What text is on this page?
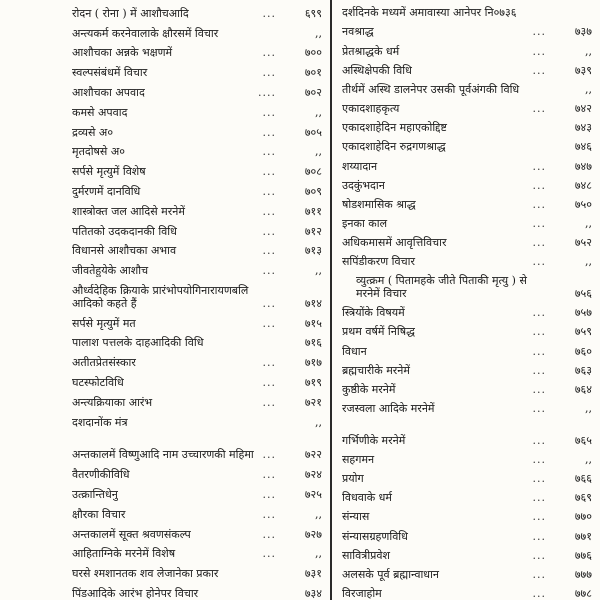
रोदन ( रोना ) में आशौचआदि	...	६९९
अन्त्यकर्म करनेवालाके क्षौरसमें विचार	,,
आशौचका अन्नके भक्षणमें	...	७००
स्वल्पसंबंधमें विचार	...	७०१
आशौचका अपवाद	....	७०२
कमसे अपवाद	...	,,
द्रव्यसे अ०	...	७०५
मृतदोषसे अ०	...	,,
सर्पसे मृत्युमें विशेष	...	७०८
दुर्मरणमें दानविधि	...	७०९
शास्त्रोक्त जल आदिसे मरनेमें	...	७११
पतितको उदकदानकी विधि	...	७१२
विधानसे आशौचका अभाव	...	७१३
जीवतेहुयेके आशौच	...	,,
और्ध्वदेहिक क्रियाके प्रारंभोपयोगिनारायणबलि आदिको कहते हैं	...	७१४
सर्पसे मृत्युमें मत	...	७१५
पालाश पत्तलके दाहआदिकी विधि	७१६
अतीतप्रेतसंस्कार	...	७१७
घटस्फोटविधि	...	७१९
अन्त्यक्रियाका आरंभ	...	७२१
दशदानोंक मंत्र	,,
अन्तकालमें विष्णुआदि नाम उच्चारणकी महिमा ...	७२२
वैतरणीकीविधि	...	७२४
उत्क्रान्तिधेनु	...	७२५
क्षौरका विचार	...	,,
अन्तकालमें सूक्त श्रवणसंकल्प	...	७२७
आहिताग्निके मरनेमें विशेष	...	,,
घरसे श्मशानतक शव लेजानेका प्रकार	७३१
पिंडआदिके आरंभ होनेपर विचार	७३४
दर्शदिनके मध्यमें अमावास्या आनेपर नि०७३६
नवश्राद्ध	...	७३७
प्रेतश्राद्धके धर्म	...	,,
अस्थिक्षेपकी विधि	...	७३९
तीर्थमें अस्थि डालनेपर उसकी पूर्वअंगकी विधि	,,
एकादशाहकृत्य	...	७४२
एकादशाहेदिन महाएकोद्दिष्ट	७४३
एकादशाहेदिन रुद्रगणश्राद्ध	७४६
शय्यादान	...	७४७
उदकुंभदान	...	७४८
षोडशमासिक श्राद्ध	...	७५०
इनका काल	...	,,
अधिकमासमें आवृत्तिविचार	...	७५२
सपिंडीकरण विचार	...	,,
व्युत्क्रम ( पितामहके जीते पिताकी मृत्यु ) से मरनेमें विचार	७५६
स्त्रियोंके विषयमें	...	७५७
प्रथम वर्षमें निषिद्ध	...	७५९
विधान	...	७६०
ब्रह्मचारीके मरनेमें	...	७६३
कुष्ठीके मरनेमें	...	७६४
रजस्वला आदिके मरनेमें	...	,,
गर्भिणीके मरनेमें	...	७६५
सहगमन	...	,,
प्रयोग	...	७६६
विधवाके धर्म	...	७६९
संन्यास	...	७७०
संन्यासग्रहणविधि	...	७७१
सावित्रीप्रवेश	...	७७६
अलसके पूर्व ब्रह्मान्वाधान	...	७७७
विरजाहोम	...	७७८
